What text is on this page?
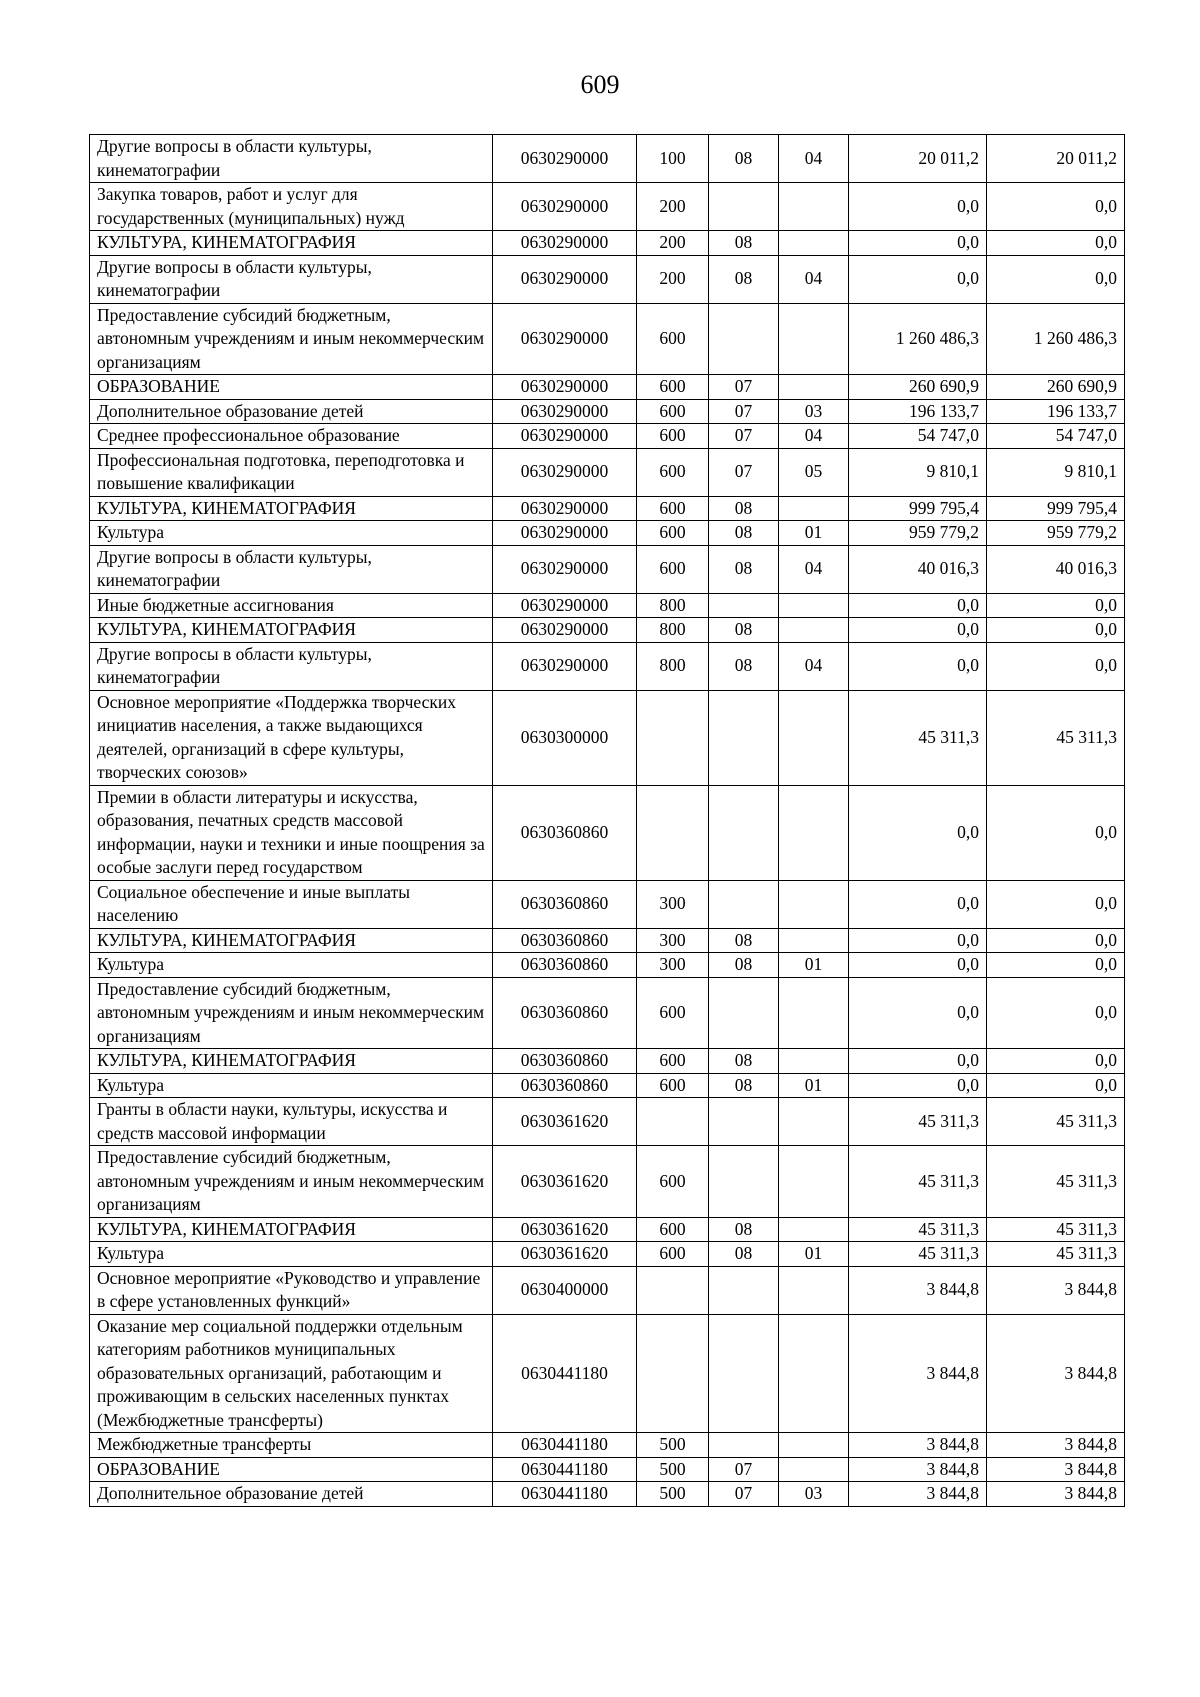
609
Другие вопросы в области культуры, кинематографии	0630290000	100	08	04	20 011,2	20 011,2
Закупка товаров, работ и услуг для государственных (муниципальных) нужд	0630290000	200			0,0	0,0
КУЛЬТУРА, КИНЕМАТОГРАФИЯ	0630290000	200	08		0,0	0,0
Другие вопросы в области культуры, кинематографии	0630290000	200	08	04	0,0	0,0
Предоставление субсидий бюджетным, автономным учреждениям и иным некоммерческим организациям	0630290000	600			1 260 486,3	1 260 486,3
ОБРАЗОВАНИЕ	0630290000	600	07		260 690,9	260 690,9
Дополнительное образование детей	0630290000	600	07	03	196 133,7	196 133,7
Среднее профессиональное образование	0630290000	600	07	04	54 747,0	54 747,0
Профессиональная подготовка, переподготовка и повышение квалификации	0630290000	600	07	05	9 810,1	9 810,1
КУЛЬТУРА, КИНЕМАТОГРАФИЯ	0630290000	600	08		999 795,4	999 795,4
Культура	0630290000	600	08	01	959 779,2	959 779,2
Другие вопросы в области культуры, кинематографии	0630290000	600	08	04	40 016,3	40 016,3
Иные бюджетные ассигнования	0630290000	800			0,0	0,0
КУЛЬТУРА, КИНЕМАТОГРАФИЯ	0630290000	800	08		0,0	0,0
Другие вопросы в области культуры, кинематографии	0630290000	800	08	04	0,0	0,0
Основное мероприятие «Поддержка творческих инициатив населения, а также выдающихся деятелей, организаций в сфере культуры, творческих союзов»	0630300000				45 311,3	45 311,3
Премии в области литературы и искусства, образования, печатных средств массовой информации, науки и техники и иные поощрения за особые заслуги перед государством	0630360860				0,0	0,0
Социальное обеспечение и иные выплаты населению	0630360860	300			0,0	0,0
КУЛЬТУРА, КИНЕМАТОГРАФИЯ	0630360860	300	08		0,0	0,0
Культура	0630360860	300	08	01	0,0	0,0
Предоставление субсидий бюджетным, автономным учреждениям и иным некоммерческим организациям	0630360860	600			0,0	0,0
КУЛЬТУРА, КИНЕМАТОГРАФИЯ	0630360860	600	08		0,0	0,0
Культура	0630360860	600	08	01	0,0	0,0
Гранты в области науки, культуры, искусства и средств массовой информации	0630361620				45 311,3	45 311,3
Предоставление субсидий бюджетным, автономным учреждениям и иным некоммерческим организациям	0630361620	600			45 311,3	45 311,3
КУЛЬТУРА, КИНЕМАТОГРАФИЯ	0630361620	600	08		45 311,3	45 311,3
Культура	0630361620	600	08	01	45 311,3	45 311,3
Основное мероприятие «Руководство и управление в сфере установленных функций»	0630400000				3 844,8	3 844,8
Оказание мер социальной поддержки отдельным категориям работников муниципальных образовательных организаций, работающим и проживающим в сельских населенных пунктах (Межбюджетные трансферты)	0630441180				3 844,8	3 844,8
Межбюджетные трансферты	0630441180	500			3 844,8	3 844,8
ОБРАЗОВАНИЕ	0630441180	500	07		3 844,8	3 844,8
Дополнительное образование детей	0630441180	500	07	03	3 844,8	3 844,8
